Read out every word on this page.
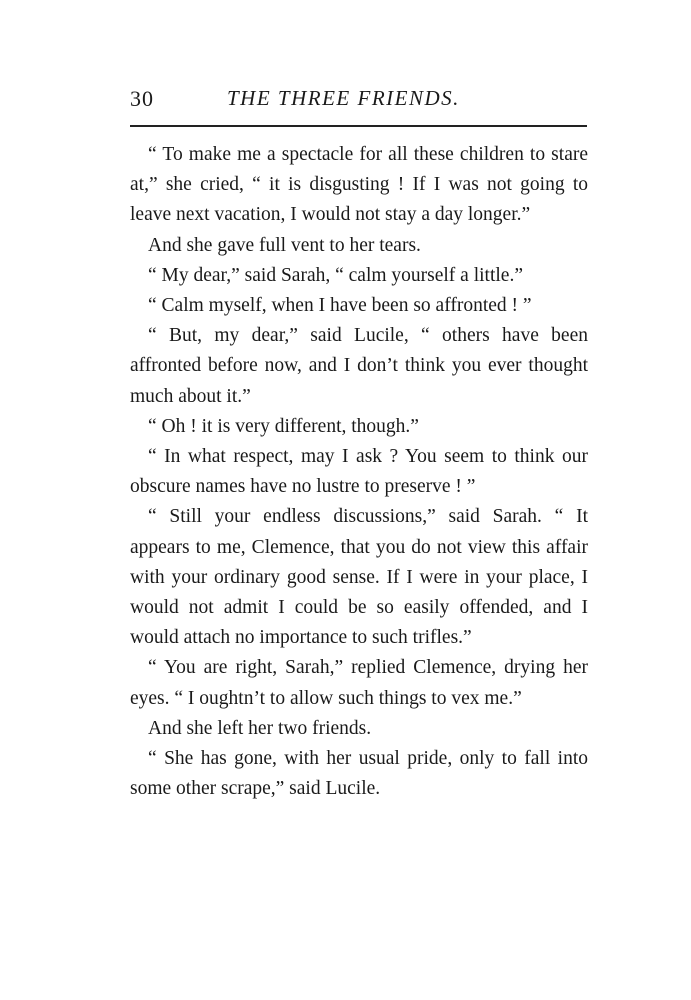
30	THE THREE FRIENDS.

“ To make me a spectacle for all these children to stare at,” she cried, “ it is disgusting ! If I was not going to leave next vacation, I would not stay a day longer.”

And she gave full vent to her tears.

“ My dear,” said Sarah, “ calm yourself a little.”

“ Calm myself, when I have been so affronted ! ”

“ But, my dear,” said Lucile, “ others have been affronted before now, and I don’t think you ever thought much about it.”

“ Oh ! it is very different, though.”

“ In what respect, may I ask ? You seem to think our obscure names have no lustre to preserve ! ”

“ Still your endless discussions,” said Sarah. “ It appears to me, Clemence, that you do not view this affair with your ordinary good sense. If I were in your place, I would not admit I could be so easily offended, and I would attach no importance to such trifles.”

“ You are right, Sarah,” replied Clemence, drying her eyes. “ I oughtn’t to allow such things to vex me.”

And she left her two friends.

“ She has gone, with her usual pride, only to fall into some other scrape,” said Lucile.
